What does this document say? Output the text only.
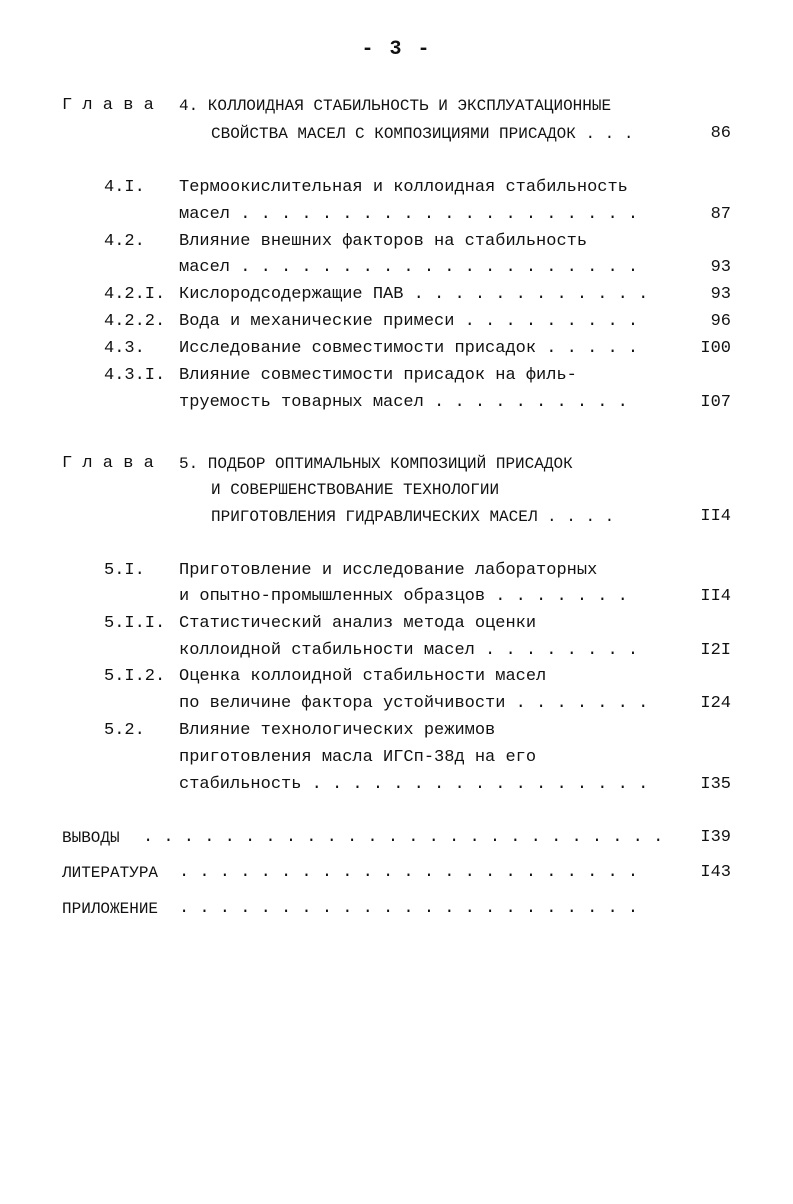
- 3 -
Г л а в а 4. КОЛЛОИДНАЯ СТАБИЛЬНОСТЬ И ЭКСПЛУАТАЦИОННЫЕ
СВОЙСТВА МАСЕЛ С КОМПОЗИЦИЯМИ ПРИСАДОК . . .	86
4.I. Термоокислительная и коллоидная стабильность
масел . . . . . . . . . . . . . . . . . . . .	87
4.2. Влияние внешних факторов на стабильность
масел . . . . . . . . . . . . . . . . . . . .	93
4.2.I. Кислородсодержащие ПАВ . . . . . . . . . . . .	93
4.2.2. Вода и механические примеси . . . . . . . . .	96
4.3. Исследование совместимости присадок . . . . .	I00
4.3.I. Влияние совместимости присадок на филь-
труемость товарных масел . . . . . . . . . .	I07
Г л а в а 5. ПОДБОР ОПТИМАЛЬНЫХ КОМПОЗИЦИЙ ПРИСАДОК
И СОВЕРШЕНСТВОВАНИЕ ТЕХНОЛОГИИ
ПРИГОТОВЛЕНИЯ ГИДРАВЛИЧЕСКИХ МАСЕЛ . . . .	II4
5.I. Приготовление и исследование лабораторных
и опытно-промышленных образцов . . . . . . .	II4
5.I.I. Статистический анализ метода оценки
коллоидной стабильности масел . . . . . . . .	I2I
5.I.2. Оценка коллоидной стабильности масел
по величине фактора устойчивости . . . . . . .	I24
5.2. Влияние технологических режимов
приготовления масла ИГСп-38д на его
стабильность . . . . . . . . . . . . . . . . .	I35
ВЫВОДЫ . . . . . . . . . . . . . . . . . . . . . . . . . . I39
ЛИТЕРАТУРА . . . . . . . . . . . . . . . . . . . . . . .	I43
ПРИЛОЖЕНИЕ . . . . . . . . . . . . . . . . . . . . . . .
